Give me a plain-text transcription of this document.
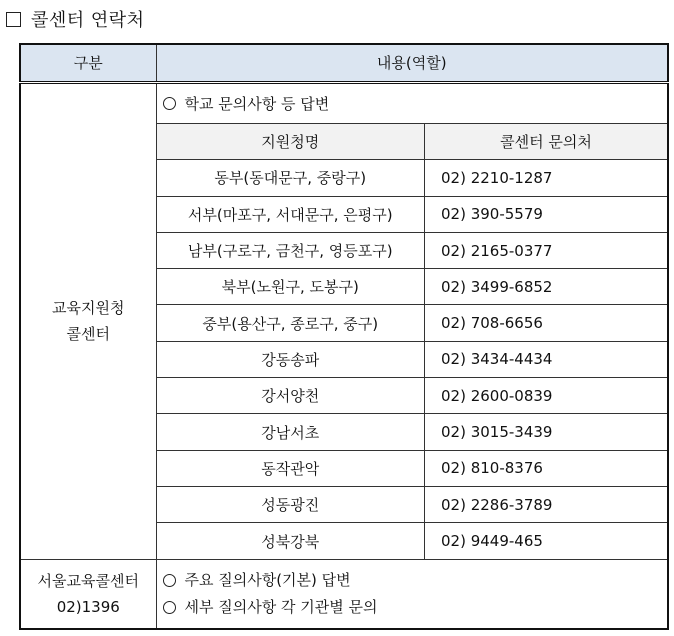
콜센터 연락처
구분	내용(역할)

교육지원청
콜센터

학교 문의사항 등 답변
지원청명	콜센터 문의처
동부(동대문구, 중랑구)	02) 2210-1287
서부(마포구, 서대문구, 은평구)	02) 390-5579
남부(구로구, 금천구, 영등포구)	02) 2165-0377
북부(노원구, 도봉구)	02) 3499-6852
중부(용산구, 종로구, 중구)	02) 708-6656
강동송파	02) 3434-4434
강서양천	02) 2600-0839
강남서초	02) 3015-3439
동작관악	02) 810-8376
성동광진	02) 2286-3789
성북강북	02) 9449-465

서울교육콜센터
02)1396

주요 질의사항(기본) 답변
세부 질의사항 각 기관별 문의
